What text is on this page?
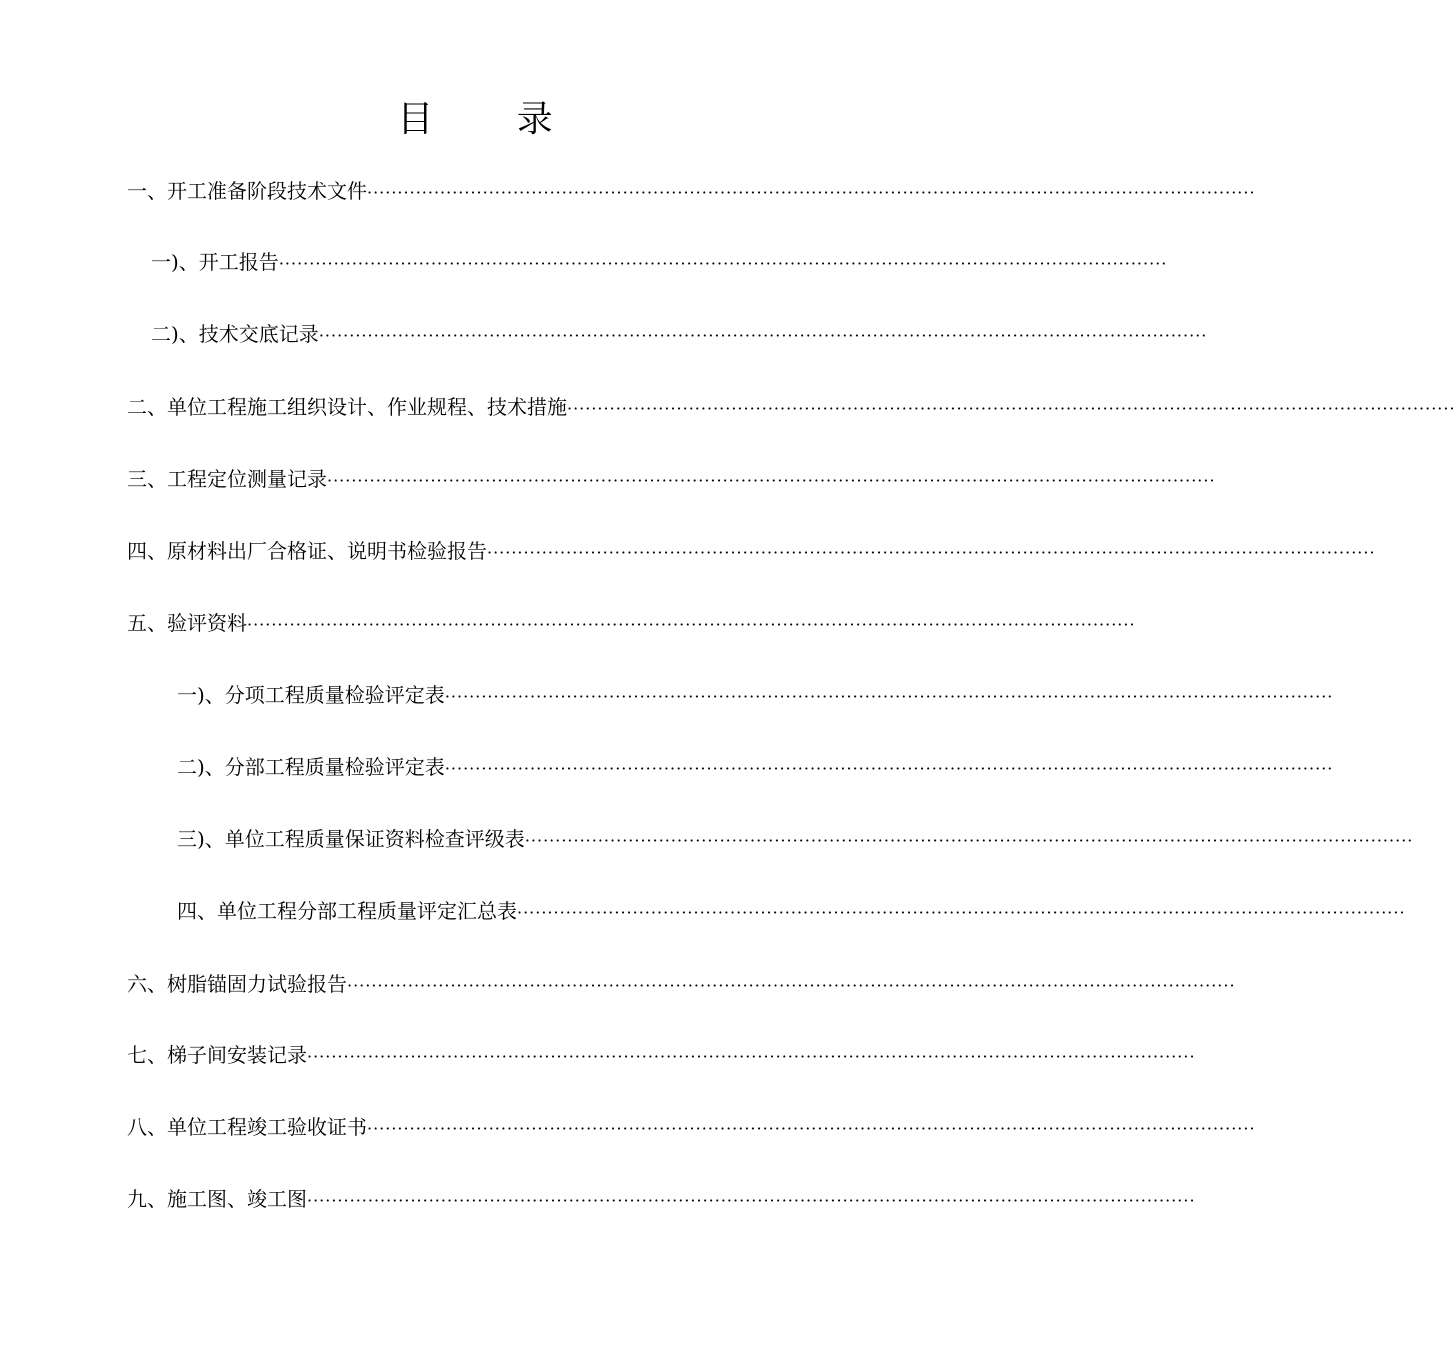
目 录
一、开工准备阶段技术文件 ··················································································································································
一)、开工报告 ··················································································································································
二)、技术交底记录 ··················································································································································
二、单位工程施工组织设计、作业规程、技术措施 ··················································································································································
三、工程定位测量记录 ··················································································································································
四、原材料出厂合格证、说明书检验报告 ··················································································································································
五、验评资料 ··················································································································································
一)、分项工程质量检验评定表 ··················································································································································
二)、分部工程质量检验评定表 ··················································································································································
三)、单位工程质量保证资料检查评级表 ··················································································································································
四、单位工程分部工程质量评定汇总表 ··················································································································································
六、树脂锚固力试验报告 ··················································································································································
七、梯子间安装记录 ··················································································································································
八、单位工程竣工验收证书 ··················································································································································
九、施工图、竣工图 ··················································································································································
